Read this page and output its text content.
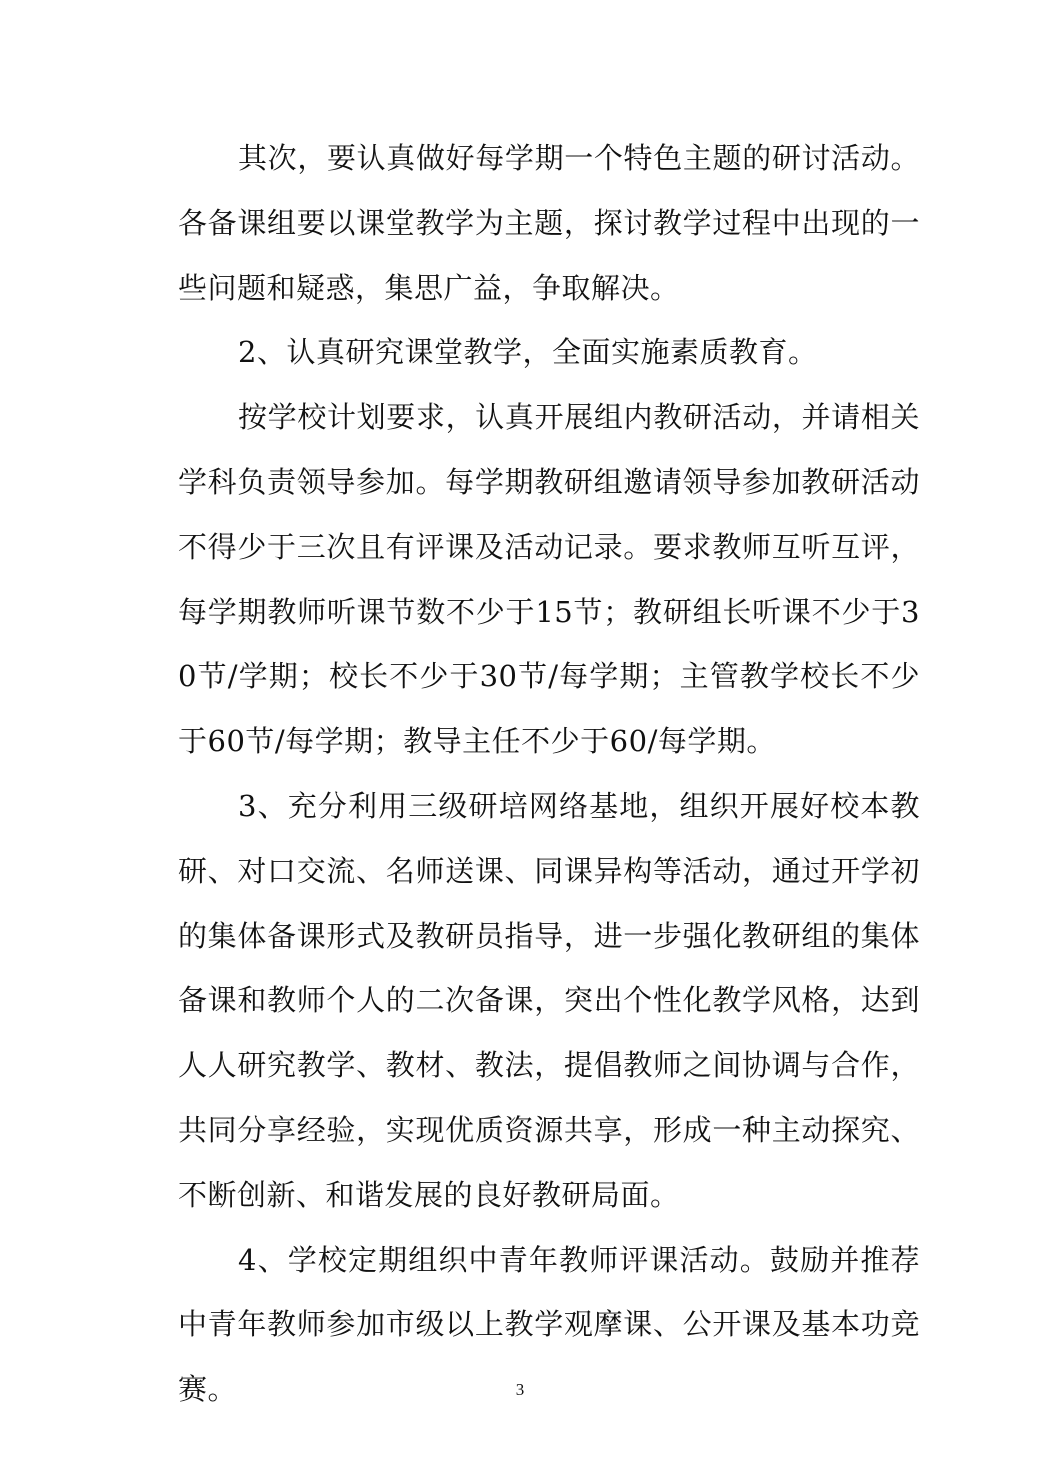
其次，要认真做好每学期一个特色主题的研讨活动。各备课组要以课堂教学为主题，探讨教学过程中出现的一些问题和疑惑，集思广益，争取解决。

2、认真研究课堂教学，全面实施素质教育。

按学校计划要求，认真开展组内教研活动，并请相关学科负责领导参加。每学期教研组邀请领导参加教研活动不得少于三次且有评课及活动记录。要求教师互听互评，每学期教师听课节数不少于15节；教研组长听课不少于30节/学期；校长不少于30节/每学期；主管教学校长不少于60节/每学期；教导主任不少于60/每学期。

3、充分利用三级研培网络基地，组织开展好校本教研、对口交流、名师送课、同课异构等活动，通过开学初的集体备课形式及教研员指导，进一步强化教研组的集体备课和教师个人的二次备课，突出个性化教学风格，达到人人研究教学、教材、教法，提倡教师之间协调与合作，共同分享经验，实现优质资源共享，形成一种主动探究、不断创新、和谐发展的良好教研局面。

4、学校定期组织中青年教师评课活动。鼓励并推荐中青年教师参加市级以上教学观摩课、公开课及基本功竞赛。	3
